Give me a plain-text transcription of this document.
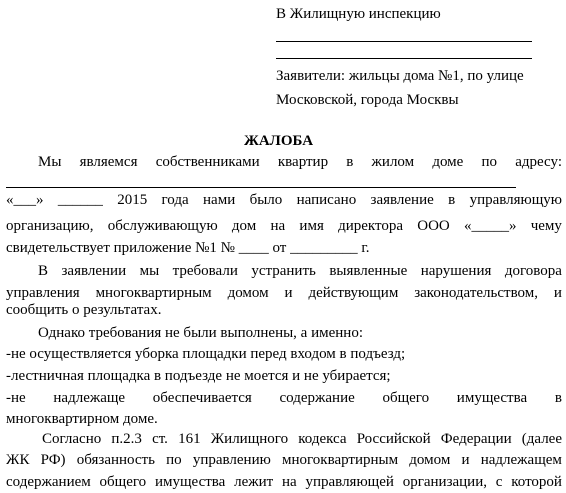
В Жилищную инспекцию
Заявители: жильцы дома №1, по улице
Московской, города Москвы
ЖАЛОБА
Мы являемся собственниками квартир в жилом доме по адресу:
«___» ______ 2015 года нами было написано заявление в управляющую
организацию, обслуживающую дом на имя директора ООО «_____» чему
свидетельствует приложение №1 № ____ от _________ г.
В заявлении мы требовали устранить выявленные нарушения договора
управления многоквартирным домом и действующим законодательством, и
сообщить о результатах.
Однако требования не были выполнены, а именно:
-не осуществляется уборка площадки перед входом в подъезд;
-лестничная площадка в подъезде не моется и не убирается;
-не надлежаще обеспечивается содержание общего имущества в
многоквартирном доме.
Согласно п.2.3 ст. 161 Жилищного кодекса Российской Федерации (далее
ЖК РФ) обязанность по управлению многоквартирным домом и надлежащем
содержанием общего имущества лежит на управляющей организации, с которой
